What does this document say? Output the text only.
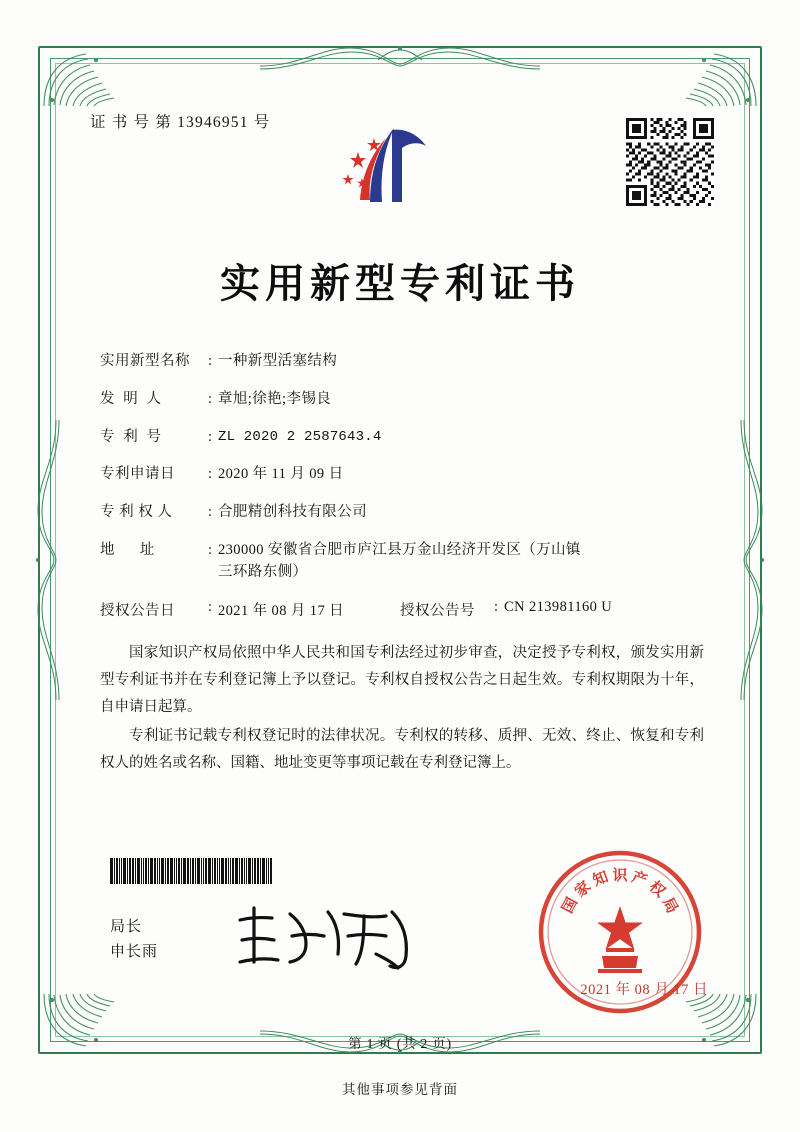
证 书 号 第 13946951 号
实用新型专利证书
实用新型名称	: 一种新型活塞结构
发  明  人	: 章旭;徐艳;李锡良
专  利  号	: ZL 2020 2 2587643.4
专利申请日	: 2020 年 11 月 09 日
专 利 权 人	: 合肥精创科技有限公司
地      址	: 230000 安徽省合肥市庐江县万金山经济开发区（万山镇
三环路东侧）
授权公告日	: 2021 年 08 月 17 日	授权公告号	: CN 213981160 U

国家知识产权局依照中华人民共和国专利法经过初步审查，决定授予专利权，颁发实用新型专利证书并在专利登记簿上予以登记。专利权自授权公告之日起生效。专利权期限为十年，自申请日起算。

专利证书记载专利权登记时的法律状况。专利权的转移、质押、无效、终止、恢复和专利权人的姓名或名称、国籍、地址变更等事项记载在专利登记簿上。

局长
申长雨
国
家
知 识 产
权
局
2021 年 08 月 17 日
第 1 页 (共 2 页)
其他事项参见背面
